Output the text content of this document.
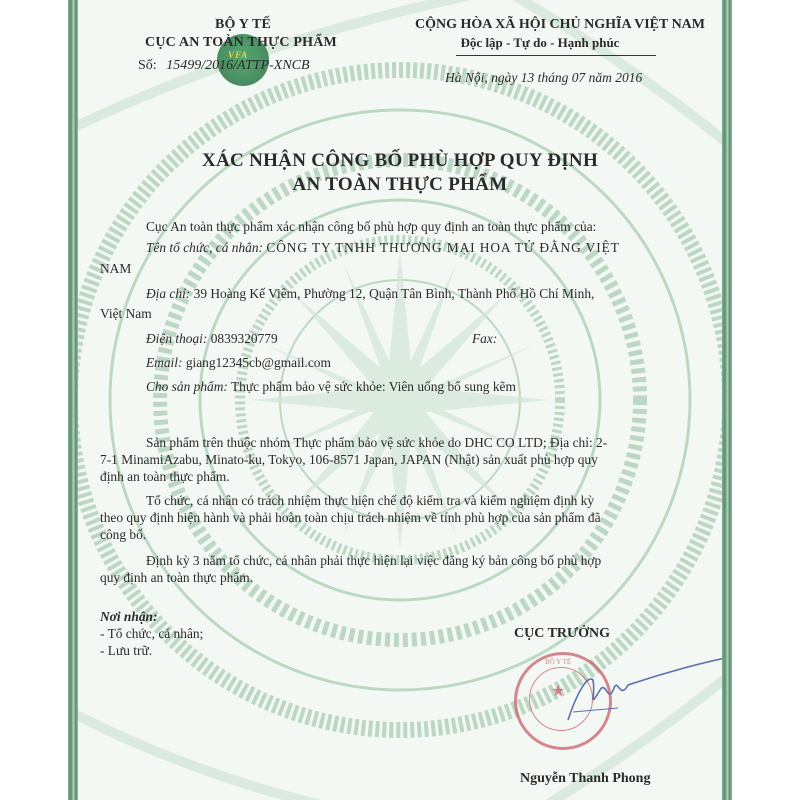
VFA
BỘ Y TẾ
CỤC AN TOÀN THỰC PHẨM
Số: 15499/2016/ATTP-XNCB
CỘNG HÒA XÃ HỘI CHỦ NGHĨA VIỆT NAM
Độc lập - Tự do - Hạnh phúc
Hà Nội, ngày 13 tháng 07 năm 2016
XÁC NHẬN CÔNG BỐ PHÙ HỢP QUY ĐỊNH
AN TOÀN THỰC PHẨM
Cục An toàn thực phẩm xác nhận công bố phù hợp quy định an toàn thực phẩm của:
Tên tổ chức, cá nhân: CÔNG TY TNHH THƯƠNG MẠI HOA TỬ ĐẰNG VIỆT
NAM
Địa chỉ: 39 Hoàng Kế Viêm, Phường 12, Quận Tân Bình, Thành Phố Hồ Chí Minh,
Việt Nam
Điện thoại: 0839320779	Fax:
Email: giang12345cb@gmail.com
Cho sản phẩm: Thực phẩm bảo vệ sức khỏe: Viên uống bổ sung kẽm
Sản phẩm trên thuộc nhóm Thực phẩm bảo vệ sức khỏe do DHC CO LTD; Địa chỉ: 2-
7-1 MinamiAzabu, Minato-ku, Tokyo, 106-8571 Japan, JAPAN (Nhật) sản xuất phù hợp quy
định an toàn thực phẩm.
Tổ chức, cá nhân có trách nhiệm thực hiện chế độ kiểm tra và kiểm nghiệm định kỳ
theo quy định hiện hành và phải hoàn toàn chịu trách nhiệm về tính phù hợp của sản phẩm đã
công bố.
Định kỳ 3 năm tổ chức, cá nhân phải thực hiện lại việc đăng ký bản công bố phù hợp
quy định an toàn thực phẩm.
Nơi nhận:
- Tổ chức, cá nhân;
- Lưu trữ.
CỤC TRƯỞNG
★
BỘ Y TẾ
Nguyễn Thanh Phong
